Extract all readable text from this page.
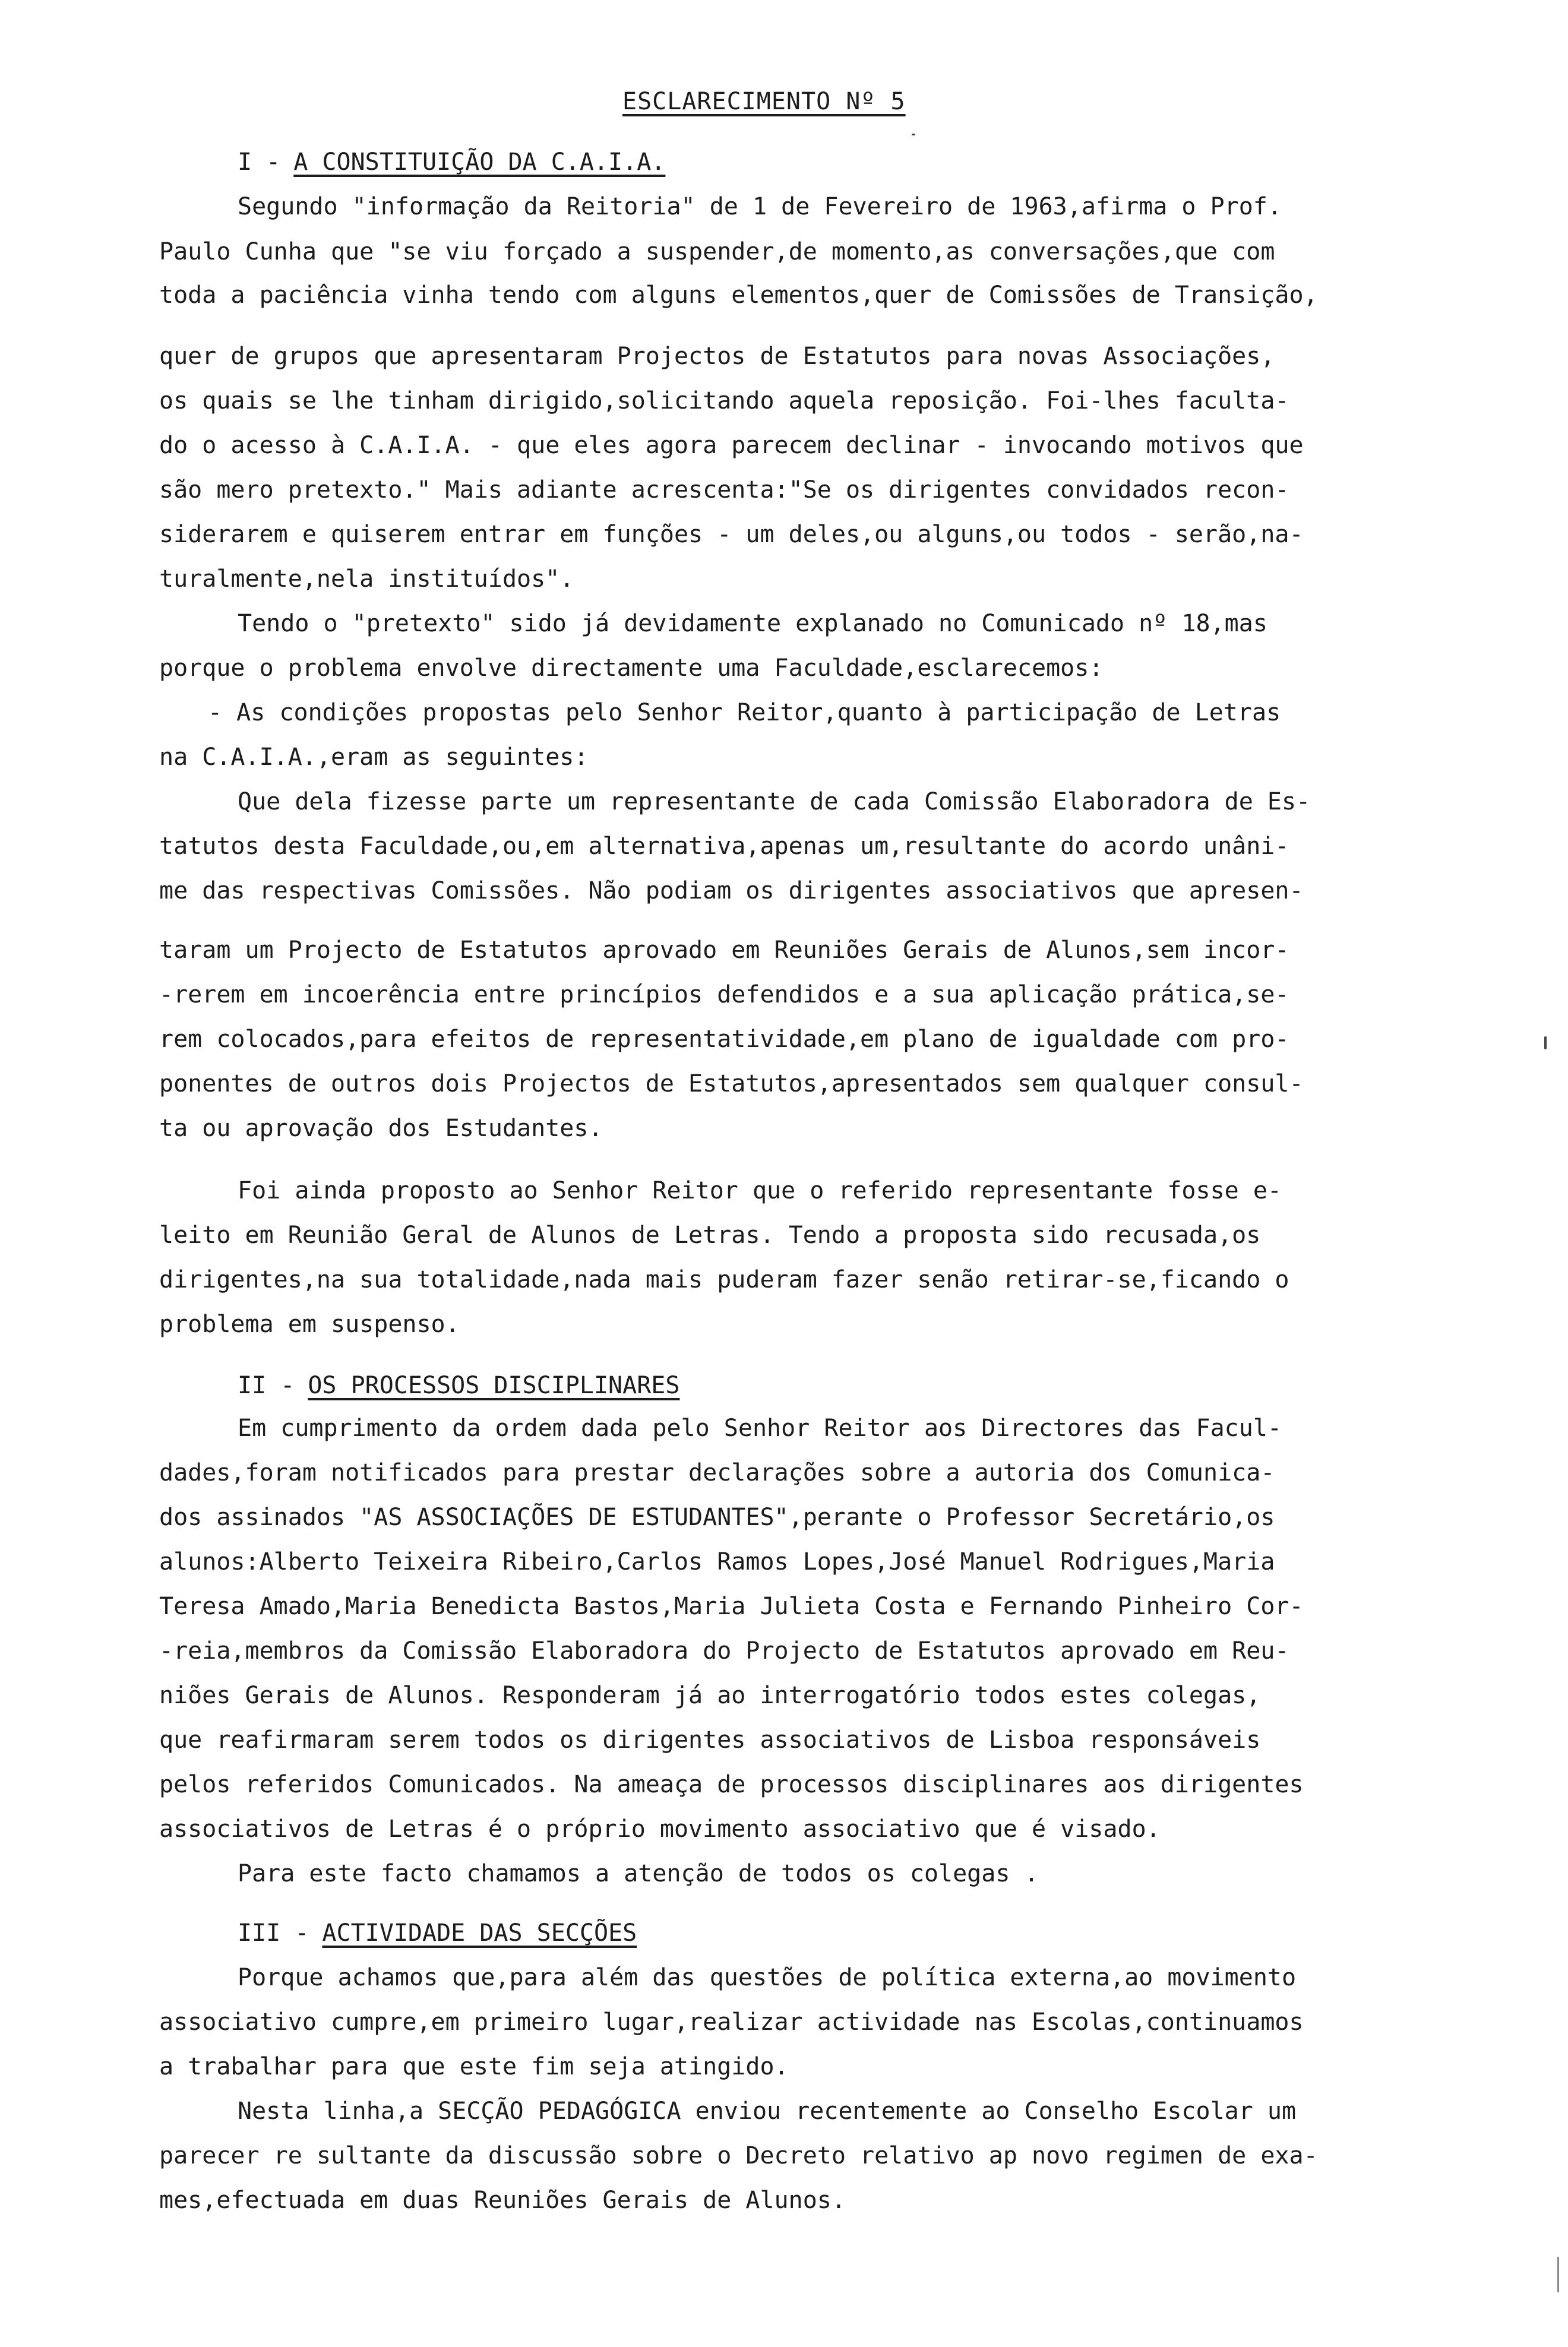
ESCLARECIMENTO Nº 5
I - A CONSTITUIÇÃO DA C.A.I.A.
Segundo "informação da Reitoria" de 1 de Fevereiro de 1963,afirma o Prof.
Paulo Cunha que "se viu forçado a suspender,de momento,as conversações,que com
toda a paciência vinha tendo com alguns elementos,quer de Comissões de Transição,
quer de grupos que apresentaram Projectos de Estatutos para novas Associações,
os quais se lhe tinham dirigido,solicitando aquela reposição. Foi-lhes faculta-
do o acesso à C.A.I.A. - que eles agora parecem declinar - invocando motivos que
são mero pretexto." Mais adiante acrescenta:"Se os dirigentes convidados recon-
siderarem e quiserem entrar em funções - um deles,ou alguns,ou todos - serão,na-
turalmente,nela instituídos".
Tendo o "pretexto" sido já devidamente explanado no Comunicado nº 18,mas
porque o problema envolve directamente uma Faculdade,esclarecemos:
- As condições propostas pelo Senhor Reitor,quanto à participação de Letras
na C.A.I.A.,eram as seguintes:
Que dela fizesse parte um representante de cada Comissão Elaboradora de Es-
tatutos desta Faculdade,ou,em alternativa,apenas um,resultante do acordo unâni-
me das respectivas Comissões. Não podiam os dirigentes associativos que apresen-
taram um Projecto de Estatutos aprovado em Reuniões Gerais de Alunos,sem incor-
-rerem em incoerência entre princípios defendidos e a sua aplicação prática,se-
rem colocados,para efeitos de representatividade,em plano de igualdade com pro-
ponentes de outros dois Projectos de Estatutos,apresentados sem qualquer consul-
ta ou aprovação dos Estudantes.
Foi ainda proposto ao Senhor Reitor que o referido representante fosse e-
leito em Reunião Geral de Alunos de Letras. Tendo a proposta sido recusada,os
dirigentes,na sua totalidade,nada mais puderam fazer senão retirar-se,ficando o
problema em suspenso.
II - OS PROCESSOS DISCIPLINARES
Em cumprimento da ordem dada pelo Senhor Reitor aos Directores das Facul-
dades,foram notificados para prestar declarações sobre a autoria dos Comunica-
dos assinados "AS ASSOCIAÇÕES DE ESTUDANTES",perante o Professor Secretário,os
alunos:Alberto Teixeira Ribeiro,Carlos Ramos Lopes,José Manuel Rodrigues,Maria
Teresa Amado,Maria Benedicta Bastos,Maria Julieta Costa e Fernando Pinheiro Cor-
-reia,membros da Comissão Elaboradora do Projecto de Estatutos aprovado em Reu-
niões Gerais de Alunos. Responderam já ao interrogatório todos estes colegas,
que reafirmaram serem todos os dirigentes associativos de Lisboa responsáveis
pelos referidos Comunicados. Na ameaça de processos disciplinares aos dirigentes
associativos de Letras é o próprio movimento associativo que é visado.
Para este facto chamamos a atenção de todos os colegas .
III - ACTIVIDADE DAS SECÇÕES
Porque achamos que,para além das questões de política externa,ao movimento
associativo cumpre,em primeiro lugar,realizar actividade nas Escolas,continuamos
a trabalhar para que este fim seja atingido.
Nesta linha,a SECÇÃO PEDAGÓGICA enviou recentemente ao Conselho Escolar um
parecer re sultante da discussão sobre o Decreto relativo ap novo regimen de exa-
mes,efectuada em duas Reuniões Gerais de Alunos.
